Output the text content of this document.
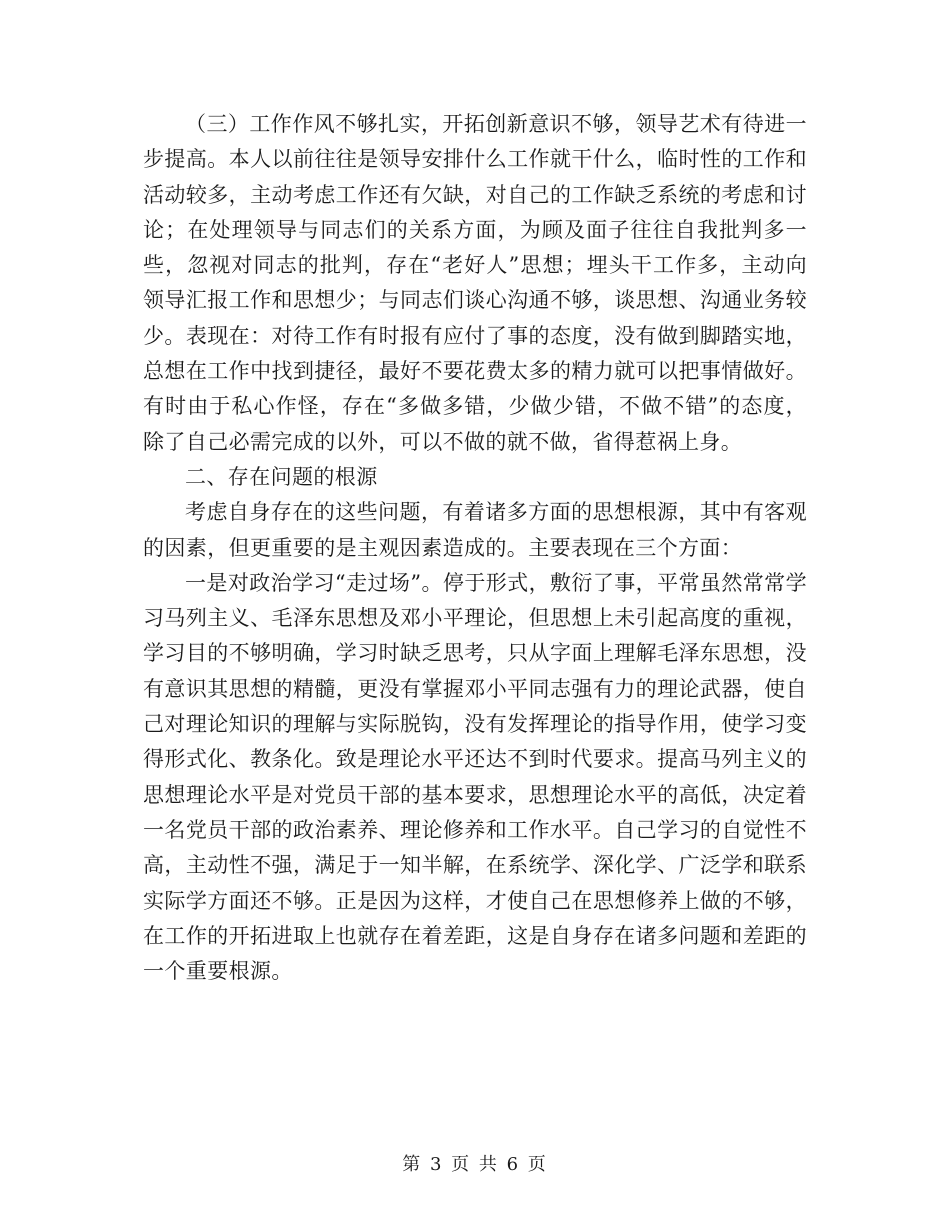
（三）工作作风不够扎实，开拓创新意识不够，领导艺术有待进一步提高。本人以前往往是领导安排什么工作就干什么，临时性的工作和活动较多，主动考虑工作还有欠缺，对自己的工作缺乏系统的考虑和讨论；在处理领导与同志们的关系方面，为顾及面子往往自我批判多一些，忽视对同志的批判，存在“老好人”思想；埋头干工作多，主动向领导汇报工作和思想少；与同志们谈心沟通不够，谈思想、沟通业务较少。表现在：对待工作有时报有应付了事的态度，没有做到脚踏实地，总想在工作中找到捷径，最好不要花费太多的精力就可以把事情做好。有时由于私心作怪，存在“多做多错，少做少错，不做不错”的态度，除了自己必需完成的以外，可以不做的就不做，省得惹祸上身。

二、存在问题的根源

考虑自身存在的这些问题，有着诸多方面的思想根源，其中有客观的因素，但更重要的是主观因素造成的。主要表现在三个方面：

一是对政治学习“走过场”。停于形式，敷衍了事，平常虽然常常学习马列主义、毛泽东思想及邓小平理论，但思想上未引起高度的重视，学习目的不够明确，学习时缺乏思考，只从字面上理解毛泽东思想，没有意识其思想的精髓，更没有掌握邓小平同志强有力的理论武器，使自己对理论知识的理解与实际脱钩，没有发挥理论的指导作用，使学习变得形式化、教条化。致是理论水平还达不到时代要求。提高马列主义的思想理论水平是对党员干部的基本要求，思想理论水平的高低，决定着一名党员干部的政治素养、理论修养和工作水平。自己学习的自觉性不高，主动性不强，满足于一知半解，在系统学、深化学、广泛学和联系实际学方面还不够。正是因为这样，才使自己在思想修养上做的不够，在工作的开拓进取上也就存在着差距，这是自身存在诸多问题和差距的一个重要根源。

第 3 页 共 6 页
